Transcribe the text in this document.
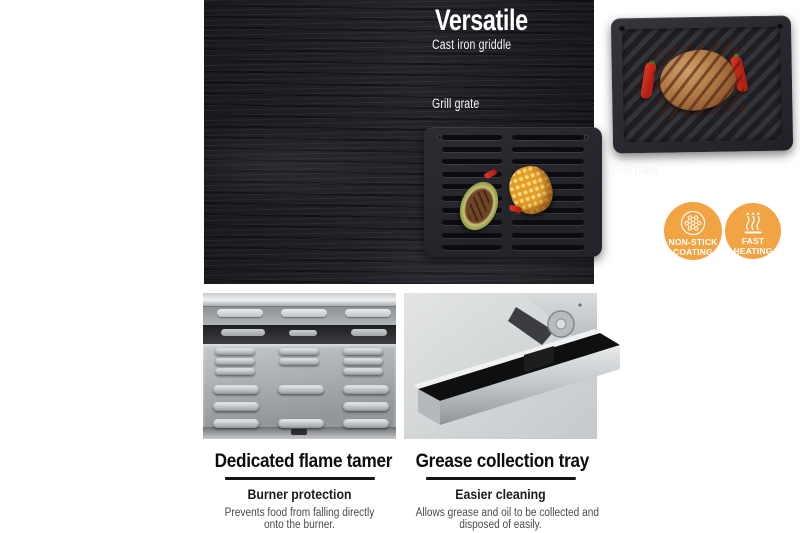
Versatile
Cast iron griddle
Grill grate
Grill plate
NON-STICK
COATING
FAST
HEATING
Dedicated flame tamer
Burner protection
Prevents food from falling directly
onto the burner.
Grease collection tray
Easier cleaning
Allows grease and oil to be collected and
disposed of easily.
